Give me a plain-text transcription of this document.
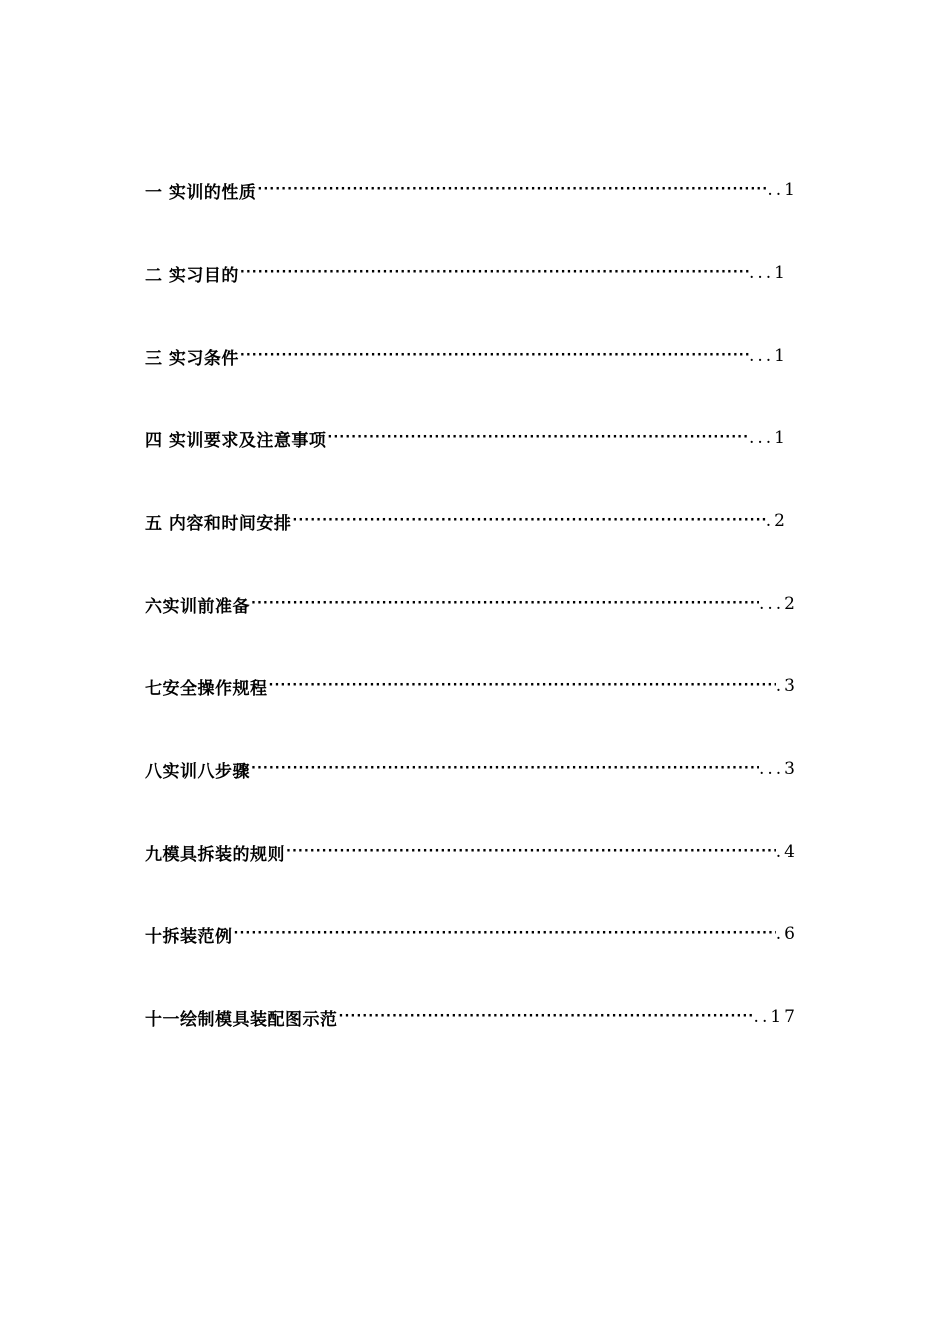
一 实训的性质 ·····	..1
二 实习目的 ·····	...1
三 实习条件 ·····	...1
四 实训要求及注意事项 ·····	...1
五 内容和时间安排 ·····	.2
六实训前准备 ·····	...2
七安全操作规程 ·····	.3
八实训八步骤 ·····	...3
九模具拆装的规则 ·····	.4
十拆装范例 ·····	.6
十一绘制模具装配图示范 ·····	..17
